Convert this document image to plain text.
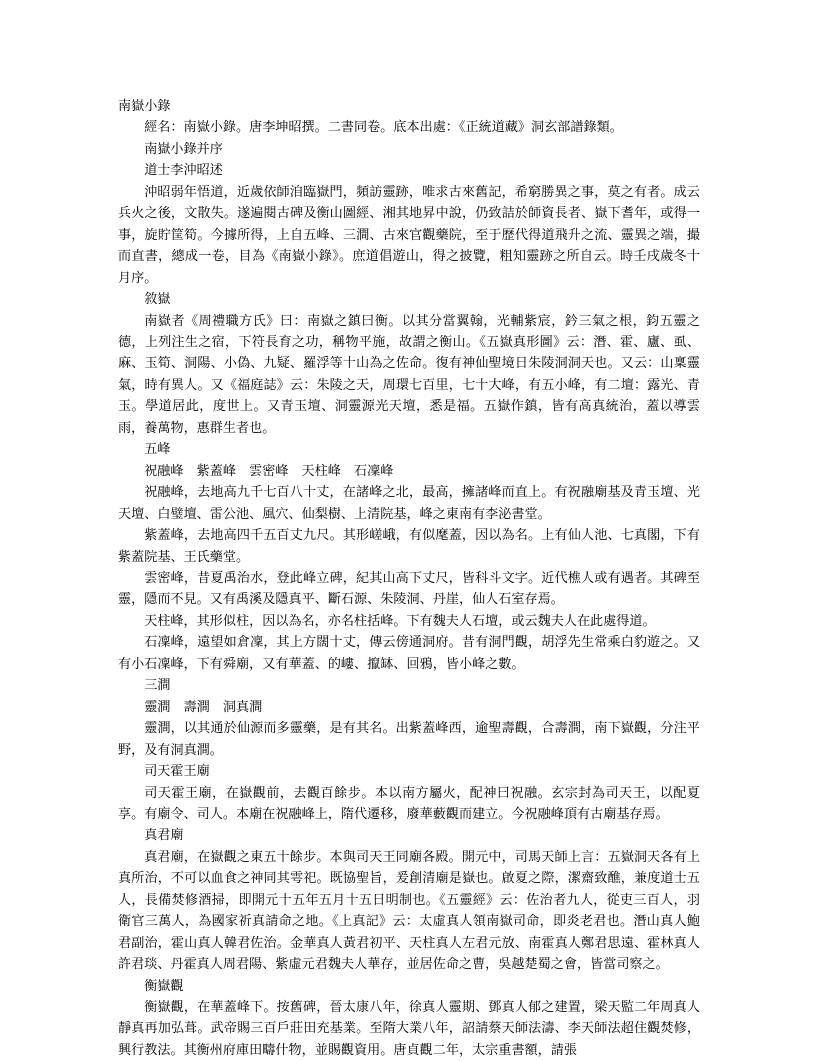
南嶽小錄

經名：南嶽小錄。唐李坤昭撰。二書同卷。底本出處：《正統道藏》洞玄部譜錄類。

南嶽小錄并序

道士李沖昭述

沖昭弱年悟道，近歲依師洎臨嶽門，頻訪靈跡，唯求古來舊記，希窮勝異之事，莫之有者。成云兵火之後，文散失。遂遍閱古碑及衡山圖經、湘其地昇中說，仍致詰於師資長者、嶽下耆年，或得一事，旋貯筐筍。今據所得，上自五峰、三澗、古來官觀藥院，至于歷代得道飛升之流、靈異之端，撮而直書，總成一卷，目為《南嶽小錄》。庶道倡遊山，得之披覽，粗知靈跡之所自云。時壬戌歲冬十月序。

敘嶽

南嶽者《周禮職方氏》曰：南嶽之鎮曰衡。以其分當翼翰，光輔紫宸，鈐三氣之根，鈞五靈之德，上列注生之宿，下符長育之功，稱物平施，故謂之衡山。《五嶽真形圖》云：潛、霍、廬、虱、麻、玉筍、洞陽、小偽、九疑、羅浮等十山為之佐命。復有神仙聖境日朱陵洞洞天也。又云：山稟靈氣，時有異人。又《福庭誌》云：朱陵之天，周環七百里，七十大峰，有五小峰，有二壇：露光、青玉。學道居此，度世上。又青玉壇、洞靈源光天壇，悉是福。五嶽作鎮，皆有高真統治，蓋以導雲雨，養萬物，惠群生者也。

五峰

祝融峰　紫蓋峰　雲密峰　天柱峰　石凜峰

祝融峰，去地高九千七百八十丈，在諸峰之北，最高，擁諸峰而直上。有祝融廟基及青玉壇、光天壇、白璧壇、雷公池、風穴、仙梨樹、上清院基，峰之東南有李泌書堂。

紫蓋峰，去地高四千五百丈九尺。其形嵯峨，有似麾蓋，因以為名。上有仙人池、七真閣，下有紫蓋院基、王氏藥堂。

雲密峰，昔夏禹治水，登此峰立碑，紀其山高下丈尺，皆科斗文字。近代樵人或有遇者。其碑至靈，隱而不見。又有禹溪及隱真平、斷石源、朱陵洞、丹崖，仙人石室存焉。

天柱峰，其形似柱，因以為名，亦名柱括峰。下有魏夫人石壇，或云魏夫人在此處得道。

石凜峰，遠望如倉凜，其上方闊十丈，傳云傍通洞府。昔有洞門觀，胡浮先生常乘白豹遊之。又有小石凜峰，下有舜廟，又有華蓋、的嶁、攛缽、回鴉，皆小峰之數。

三澗

靈澗　壽澗　洞真澗

靈澗，以其通於仙源而多靈藥，是有其名。出紫蓋峰西，逾聖壽觀，合壽澗，南下嶽觀，分注平野，及有洞真澗。

司天霍王廟

司天霍王廟，在嶽觀前，去觀百餘步。本以南方屬火，配神曰祝融。玄宗封為司天王，以配夏享。有廟令、司人。本廟在祝融峰上，隋代遷移，廢華藪觀而建立。今祝融峰頂有古廟基存焉。

真君廟

真君廟，在嶽觀之東五十餘步。本與司天王同廟各殿。開元中，司馬天師上言：五嶽洞天各有上真所治，不可以血食之神同其雩祀。既協聖旨，爰創清廟是嶽也。啟夏之際，潔齋致醮，兼度道士五人，長備焚修酒掃，即開元十五年五月十五日明制也。《五靈經》云：佐治者九人，從吏三百人，羽衛官三萬人，為國家祈真請命之地。《上真記》云：太虛真人領南嶽司命，即炎老君也。潛山真人鮑君副治，霍山真人韓君佐治。金華真人黃君初平、天柱真人左君元放、南霍真人鄭君思遠、霍林真人許君琰、丹霍真人周君陽、紫虛元君魏夫人華存，並居佐命之曹，吳越楚蜀之會，皆當司察之。

衡嶽觀

衡嶽觀，在華蓋峰下。按舊碑，晉太康八年，徐真人靈期、鄧真人郁之建置，梁天監二年周真人靜真再加弘葺。武帝賜三百戶莊田充基業。至隋大業八年，詔請蔡天師法濤、李天師法超住觀焚修，興行教法。其衡州府庫田疇什物，並賜觀資用。唐貞觀二年，太宗重書額，請張
